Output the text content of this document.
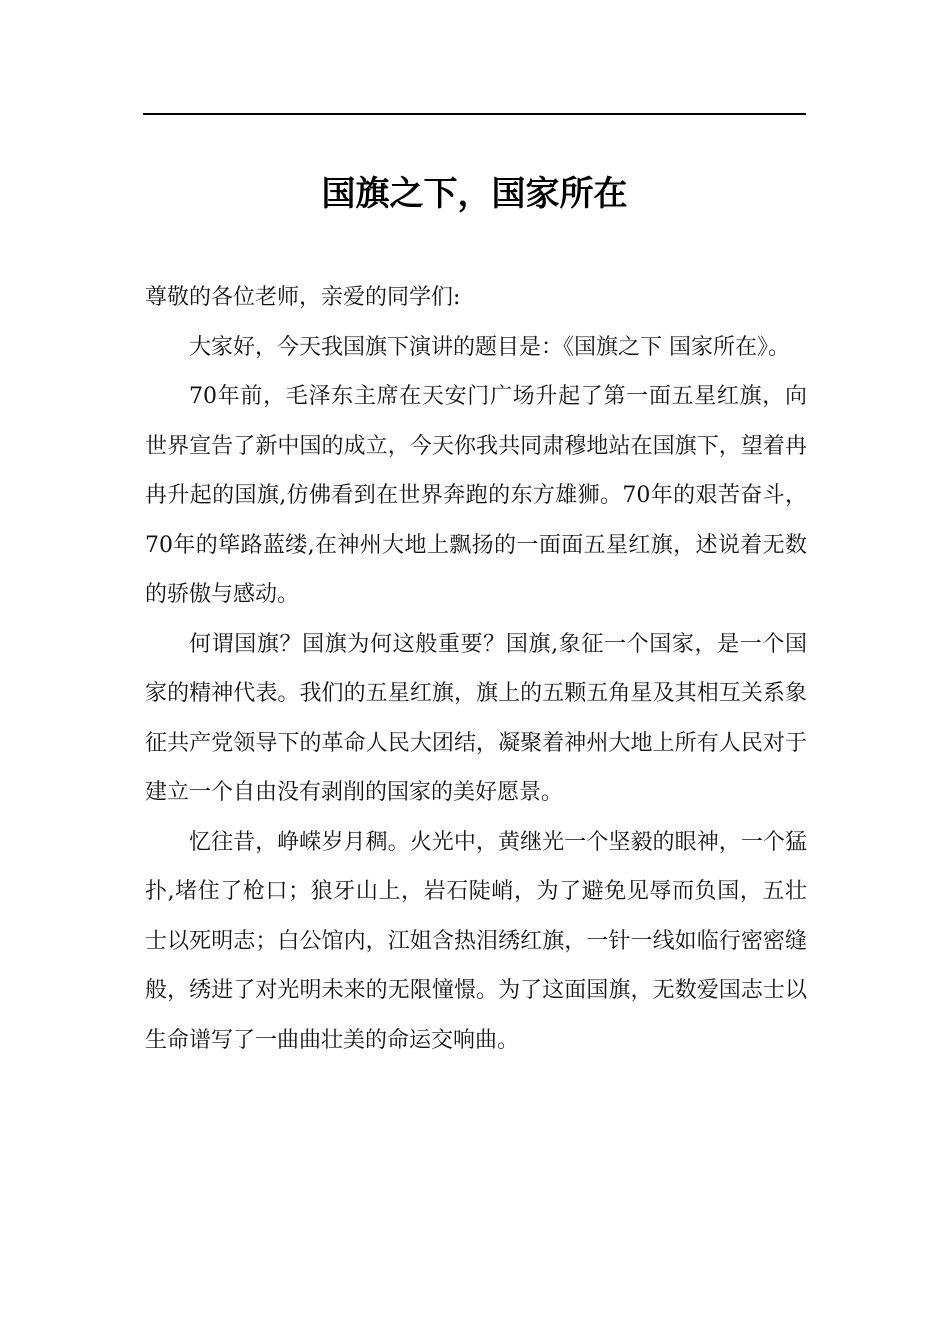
国旗之下，国家所在

尊敬的各位老师，亲爱的同学们:

大家好，今天我国旗下演讲的题目是：《国旗之下 国家所在》。

70年前，毛泽东主席在天安门广场升起了第一面五星红旗，向世界宣告了新中国的成立，今天你我共同肃穆地站在国旗下，望着冉冉升起的国旗,仿佛看到在世界奔跑的东方雄狮。70年的艰苦奋斗，70年的筚路蓝缕,在神州大地上飘扬的一面面五星红旗，述说着无数的骄傲与感动。

何谓国旗？国旗为何这般重要？国旗,象征一个国家，是一个国家的精神代表。我们的五星红旗，旗上的五颗五角星及其相互关系象征共产党领导下的革命人民大团结，凝聚着神州大地上所有人民对于建立一个自由没有剥削的国家的美好愿景。

忆往昔，峥嵘岁月稠。火光中，黄继光一个坚毅的眼神，一个猛扑,堵住了枪口；狼牙山上，岩石陡峭，为了避免见辱而负国，五壮士以死明志；白公馆内，江姐含热泪绣红旗，一针一线如临行密密缝般，绣进了对光明未来的无限憧憬。为了这面国旗，无数爱国志士以生命谱写了一曲曲壮美的命运交响曲。
